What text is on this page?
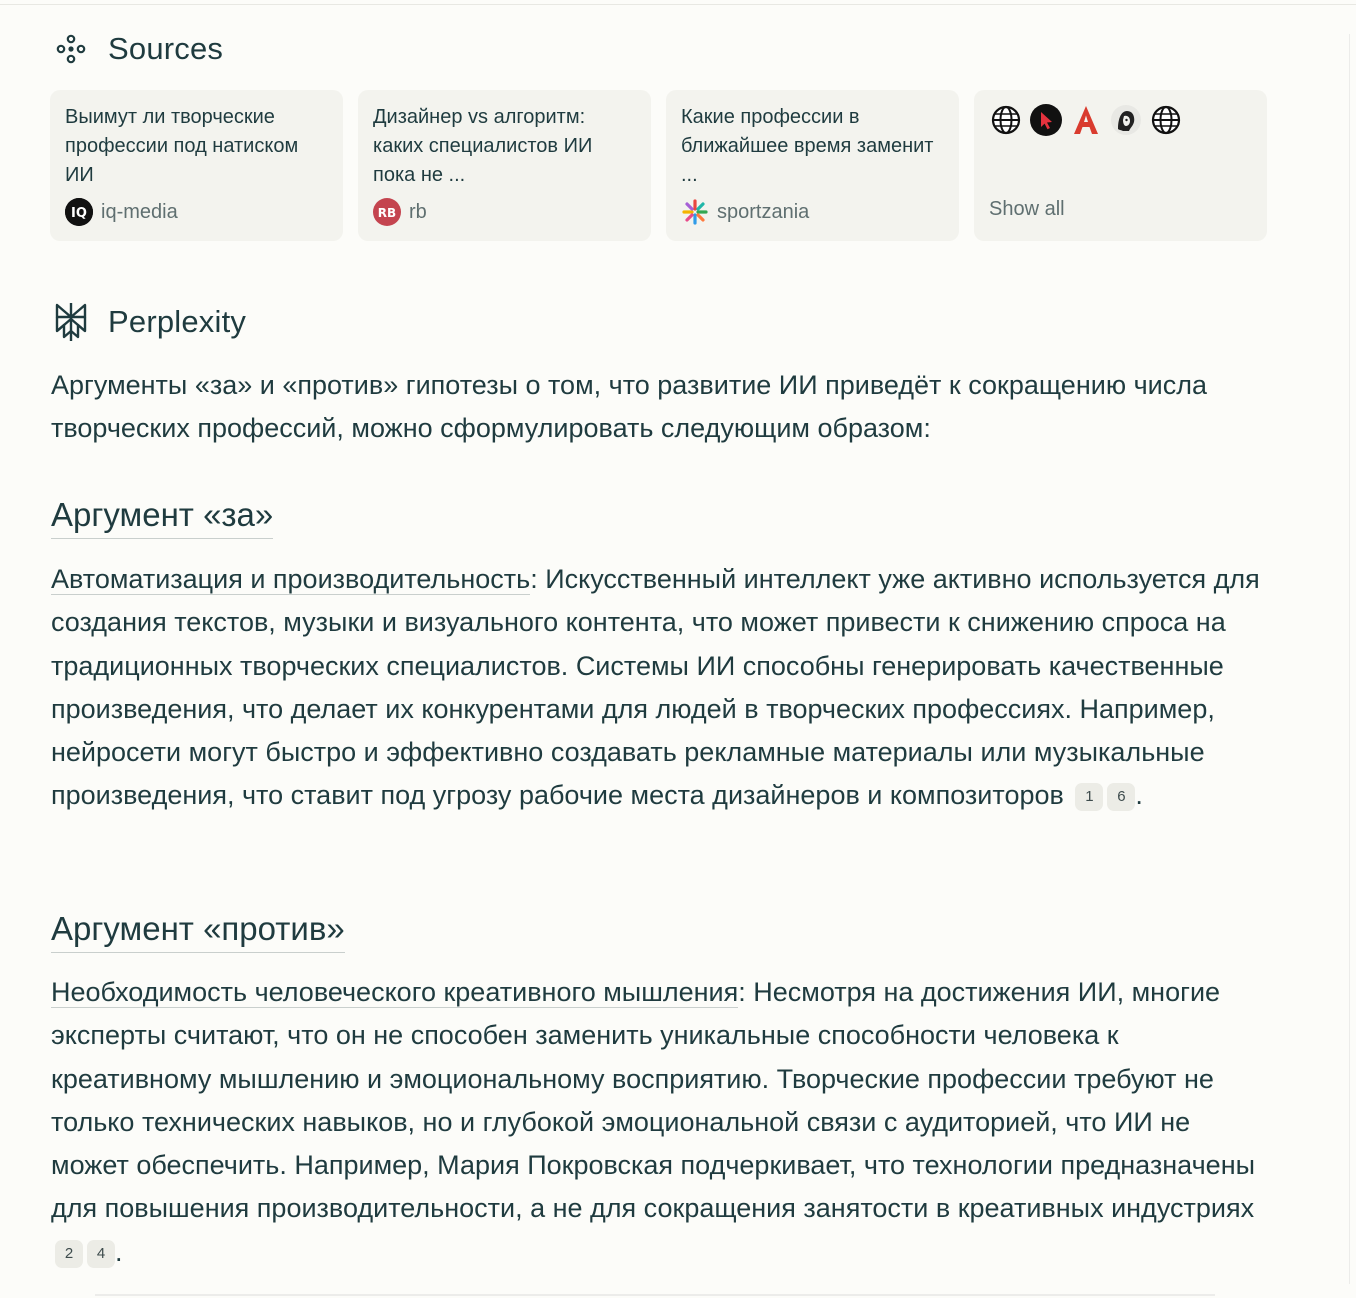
Sources
Выимут ли творческие профессии под натиском ИИ
IQ iq-media
Дизайнер vs алгоритм: каких специалистов ИИ пока не ...
RB rb
Какие профессии в ближайшее время заменит ...
sportzania	Show all
Perplexity
Аргументы «за» и «против» гипотезы о том, что развитие ИИ приведёт к сокращению числа творческих профессий, можно сформулировать следующим образом:
Аргумент «за»
Автоматизация и производительность: Искусственный интеллект уже активно используется для создания текстов, музыки и визуального контента, что может привести к снижению спроса на традиционных творческих специалистов. Системы ИИ способны генерировать качественные произведения, что делает их конкурентами для людей в творческих профессиях. Например, нейросети могут быстро и эффективно создавать рекламные материалы или музыкальные произведения, что ставит под угрозу рабочие места дизайнеров и композиторов 1 6 .
Аргумент «против»
Необходимость человеческого креативного мышления: Несмотря на достижения ИИ, многие эксперты считают, что он не способен заменить уникальные способности человека к креативному мышлению и эмоциональному восприятию. Творческие профессии требуют не только технических навыков, но и глубокой эмоциональной связи с аудиторией, что ИИ не может обеспечить. Например, Мария Покровская подчеркивает, что технологии предназначены для повышения производительности, а не для сокращения занятости в креативных индустриях 2 4 .
